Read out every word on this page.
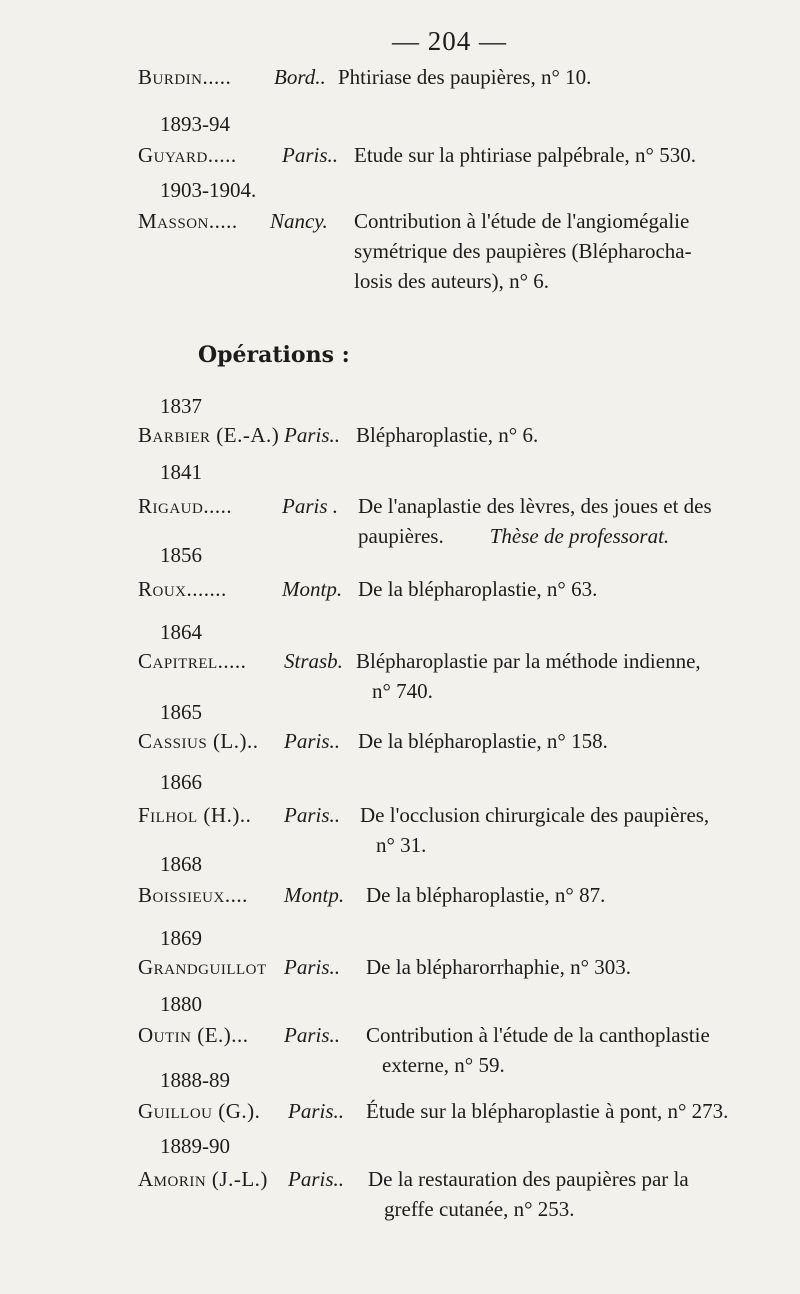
— 204 —
Burdin..... Bord.. Phtiriase des paupières, n° 10.
1893-94
Guyard..... Paris.. Etude sur la phtiriase palpébrale, n° 530.
1903-1904.
Masson..... Nancy. Contribution à l'étude de l'angiomégalie
symétrique des paupières (Blépharocha-
losis des auteurs), n° 6.
Opérations :
1837
Barbier (E.-A.) Paris.. Blépharoplastie, n° 6.
1841
Rigaud..... Paris . De l'anaplastie des lèvres, des joues et des
paupières. Thèse de professorat.
1856
Roux.......	Montp. De la blépharoplastie, n° 63.
1864
Capitrel..... Strasb. Blépharoplastie par la méthode indienne,
n° 740.
1865
Cassius (L.).. Paris.. De la blépharoplastie, n° 158.
1866
Filhol (H.).. Paris.. De l'occlusion chirurgicale des paupières,
n° 31.
1868
Boissieux.... Montp. De la blépharoplastie, n° 87.
1869
Grandguillot Paris.. De la blépharorrhaphie, n° 303.
1880
Outin (E.)... Paris.. Contribution à l'étude de la canthoplastie
externe, n° 59.
1888-89
Guillou (G.). Paris.. Étude sur la blépharoplastie à pont, n° 273.
1889-90
Amorin (J.-L.) Paris.. De la restauration des paupières par la
greffe cutanée, n° 253.
